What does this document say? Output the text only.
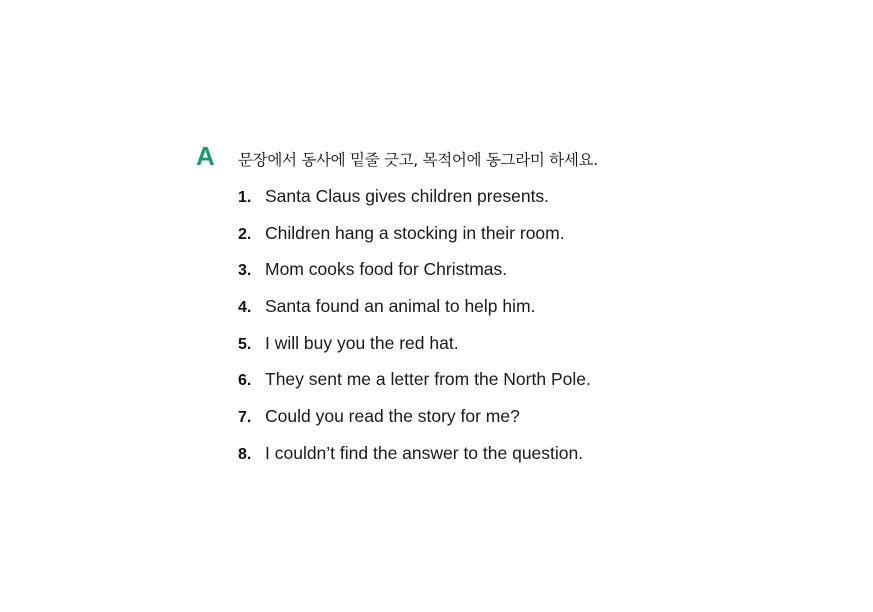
A	문장에서 동사에 밑줄 긋고, 목적어에 동그라미 하세요.
1. Santa Claus gives children presents.
2. Children hang a stocking in their room.
3. Mom cooks food for Christmas.
4. Santa found an animal to help him.
5. I will buy you the red hat.
6. They sent me a letter from the North Pole.
7. Could you read the story for me?
8. I couldn’t find the answer to the question.
